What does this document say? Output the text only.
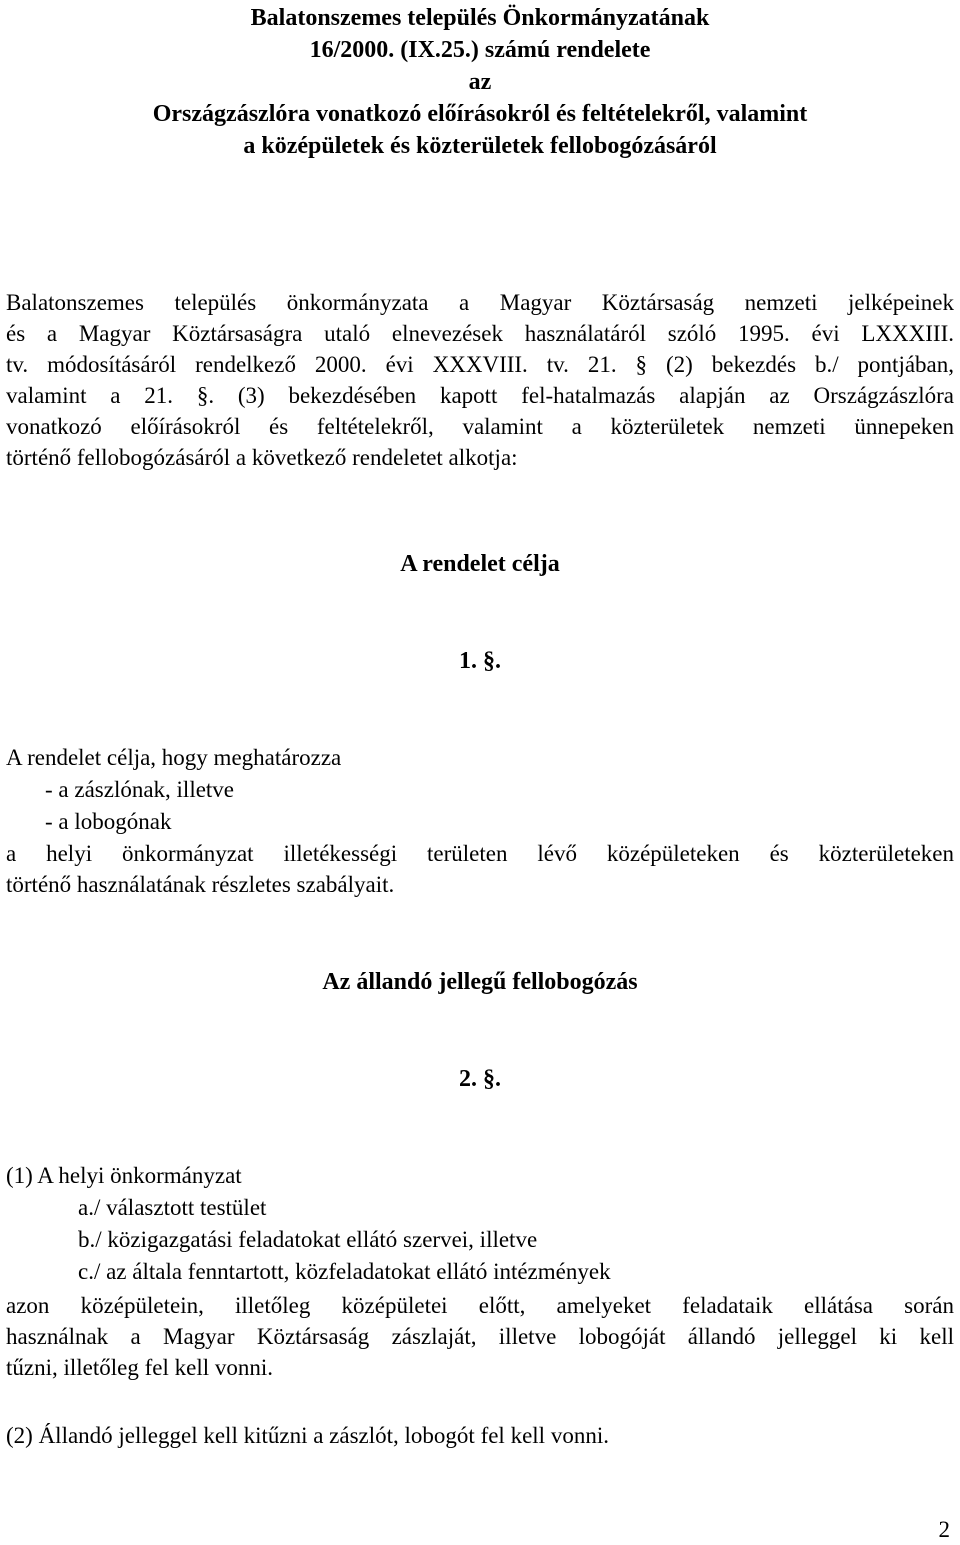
Balatonszemes település Önkormányzatának
16/2000. (IX.25.) számú rendelete
az
Országzászlóra vonatkozó előírásokról és feltételekről, valamint
a középületek és közterületek fellobogózásáról
Balatonszemes település önkormányzata a Magyar Köztársaság nemzeti jelképeinek
és a Magyar Köztársaságra utaló elnevezések használatáról szóló 1995. évi LXXXIII.
tv. módosításáról rendelkező 2000. évi XXXVIII. tv. 21. § (2) bekezdés b./ pontjában,
valamint a 21. §. (3) bekezdésében kapott fel-hatalmazás alapján az Országzászlóra
vonatkozó előírásokról és feltételekről, valamint a közterületek nemzeti ünnepeken
történő fellobogózásáról a következő rendeletet alkotja:
A rendelet célja
1. §.
A rendelet célja, hogy meghatározza
- a zászlónak, illetve
- a lobogónak
a helyi önkormányzat illetékességi területen lévő középületeken és közterületeken
történő használatának részletes szabályait.
Az állandó jellegű fellobogózás
2. §.
(1) A helyi önkormányzat
a./ választott testület
b./ közigazgatási feladatokat ellátó szervei, illetve
c./ az általa fenntartott, közfeladatokat ellátó intézmények
azon középületein, illetőleg középületei előtt, amelyeket feladataik ellátása során
használnak a Magyar Köztársaság zászlaját, illetve lobogóját állandó jelleggel ki kell
tűzni, illetőleg fel kell vonni.
(2) Állandó jelleggel kell kitűzni a zászlót, lobogót fel kell vonni.
2
